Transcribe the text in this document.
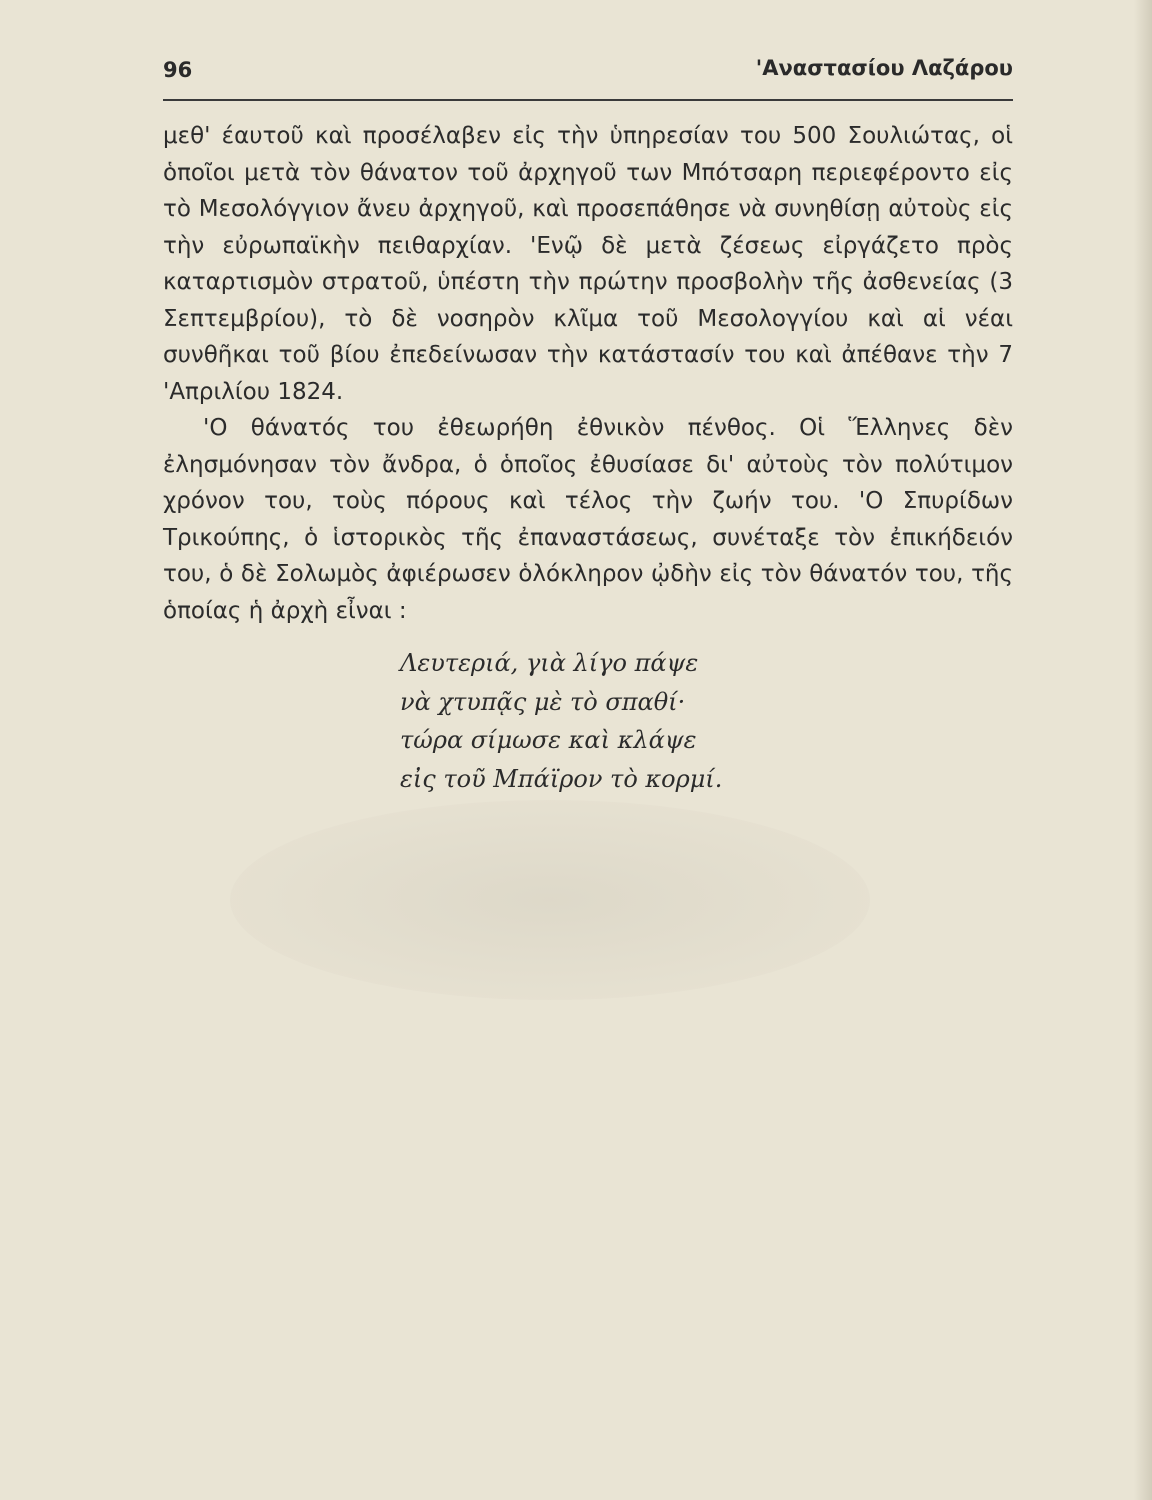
96	'Αναστασίου Λαζάρου

μεθ' έαυτοῦ καὶ προσέλαβεν εἰς τὴν ὑπηρεσίαν του 500 Σουλιώτας, οἱ ὁποῖοι μετὰ τὸν θάνατον τοῦ ἀρχηγοῦ των Μπότσαρη περιεφέροντο εἰς τὸ Μεσολόγγιον ἄνευ ἀρχηγοῦ, καὶ προσεπάθησε νὰ συνηθίσῃ αὐτοὺς εἰς τὴν εὐρωπαϊκὴν πειθαρχίαν. 'Ενῷ δὲ μετὰ ζέσεως εἰργάζετο πρὸς καταρτισμὸν στρατοῦ, ὑπέστη τὴν πρώτην προσβολὴν τῆς ἀσθενείας (3 Σεπτεμβρίου), τὸ δὲ νοσηρὸν κλῖμα τοῦ Μεσολογγίου καὶ αἱ νέαι συνθῆκαι τοῦ βίου ἐπεδείνωσαν τὴν κατάστασίν του καὶ ἀπέθανε τὴν 7 'Απριλίου 1824.

'Ο θάνατός του ἐθεωρήθη ἐθνικὸν πένθος. Οἱ Ἕλληνες δὲν ἐλησμόνησαν τὸν ἄνδρα, ὁ ὁποῖος ἐθυσίασε δι' αὐτοὺς τὸν πολύτιμον χρόνον του, τοὺς πόρους καὶ τέλος τὴν ζωήν του. 'Ο Σπυρίδων Τρικούπης, ὁ ἱστορικὸς τῆς ἐπαναστάσεως, συνέταξε τὸν ἐπικήδειόν του, ὁ δὲ Σολωμὸς ἀφιέρωσεν ὁλόκληρον ᾠδὴν εἰς τὸν θάνατόν του, τῆς ὁποίας ἡ ἀρχὴ εἶναι :

Λευτεριά, γιὰ λίγο πάψε
νὰ χτυπᾷς μὲ τὸ σπαθί·
τώρα σίμωσε καὶ κλάψε
εἰς τοῦ Μπάϊρον τὸ κορμί.
